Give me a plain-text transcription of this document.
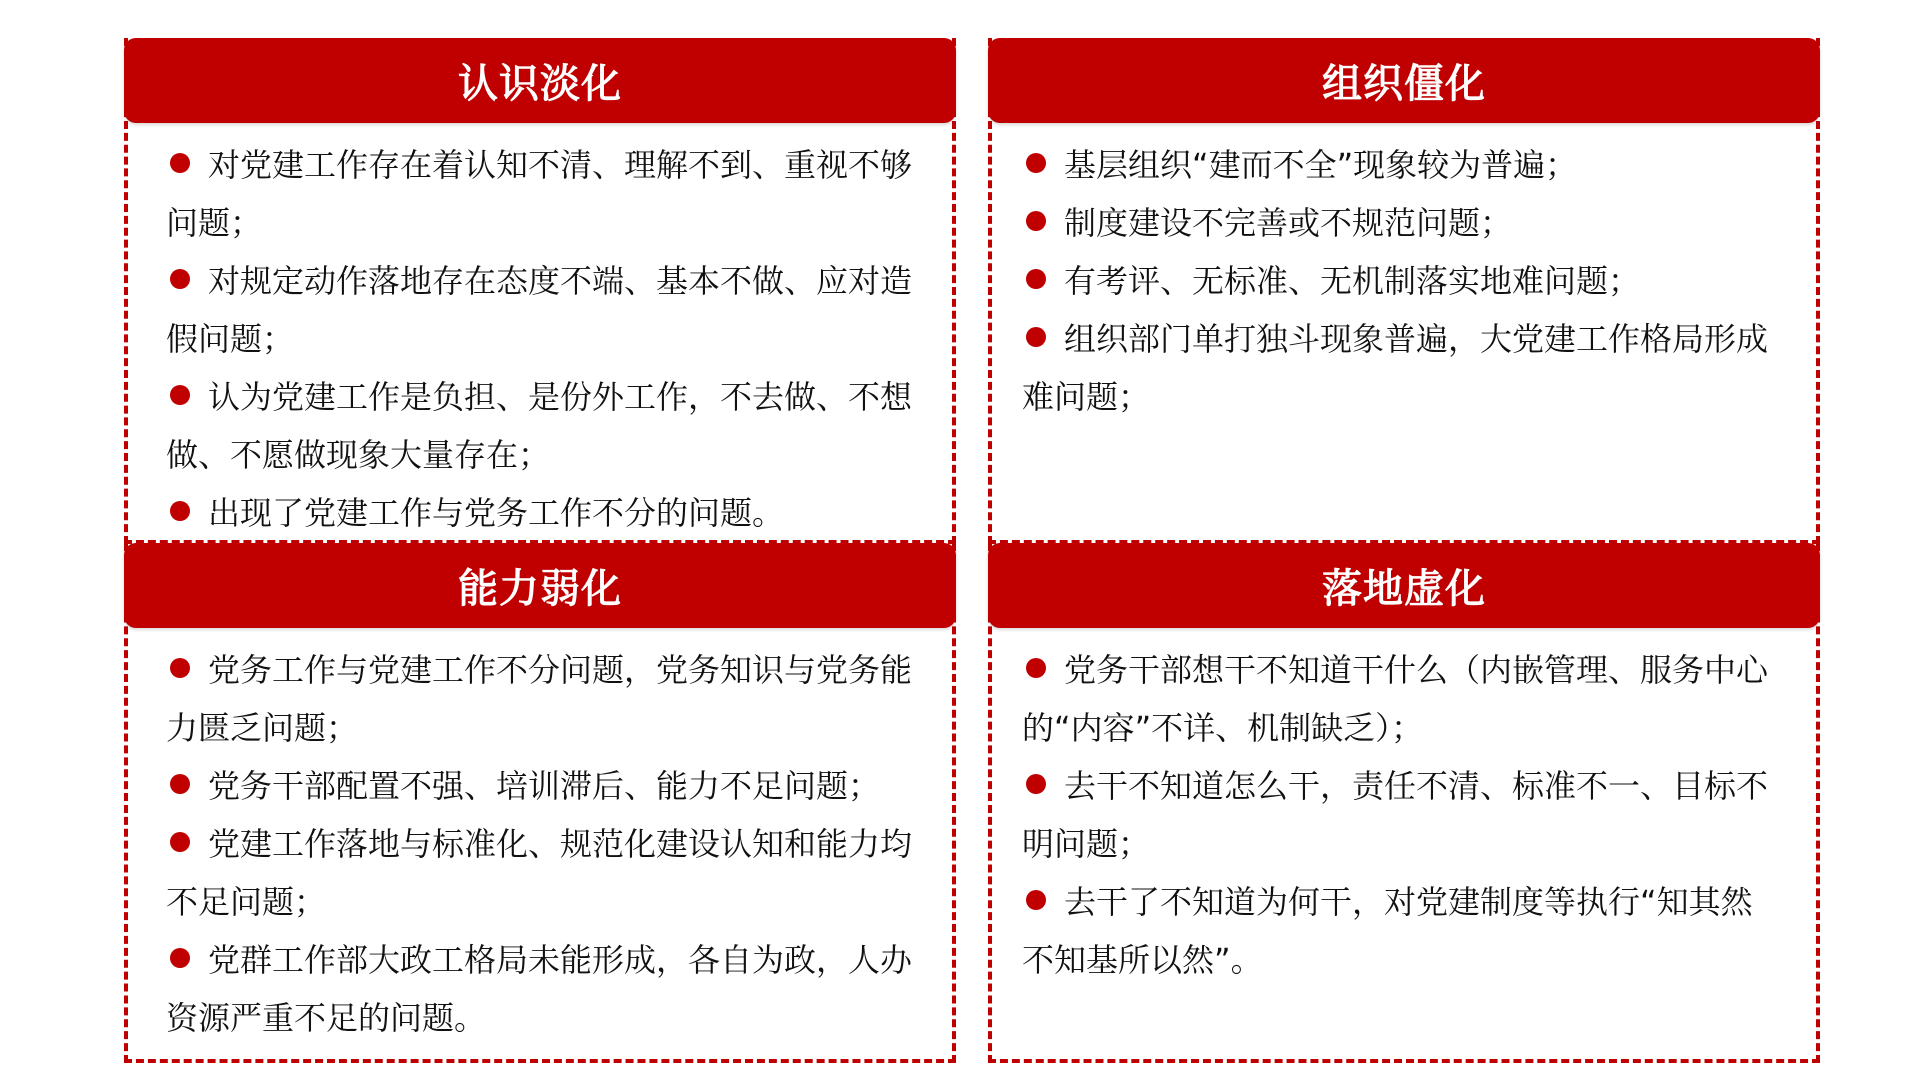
认识淡化
对党建工作存在着认知不清、理解不到、重视不够问题；
对规定动作落地存在态度不端、基本不做、应对造假问题；
认为党建工作是负担、是份外工作，不去做、不想做、不愿做现象大量存在；
出现了党建工作与党务工作不分的问题。
组织僵化
基层组织“建而不全”现象较为普遍；
制度建设不完善或不规范问题；
有考评、无标准、无机制落实地难问题；
组织部门单打独斗现象普遍，大党建工作格局形成难问题；
能力弱化
党务工作与党建工作不分问题，党务知识与党务能力匮乏问题；
党务干部配置不强、培训滞后、能力不足问题；
党建工作落地与标准化、规范化建设认知和能力均不足问题；
党群工作部大政工格局未能形成，各自为政，人办资源严重不足的问题。
落地虚化
党务干部想干不知道干什么（内嵌管理、服务中心的“内容”不详、机制缺乏）；
去干不知道怎么干，责任不清、标准不一、目标不明问题；
去干了不知道为何干，对党建制度等执行“知其然不知基所以然”。
